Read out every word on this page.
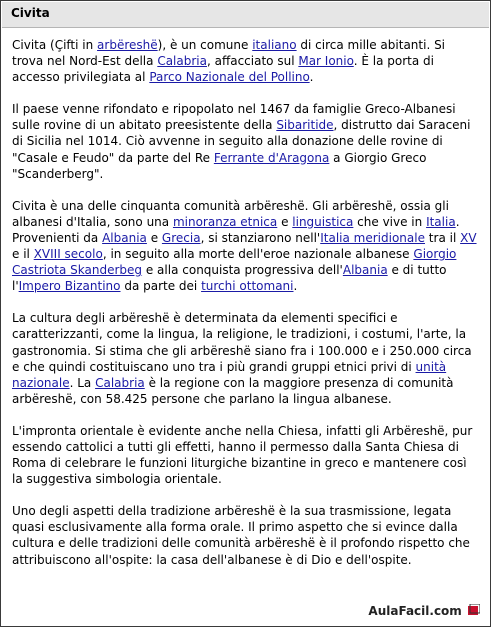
Civita

Civita (Çifti in arbëreshë), è un comune italiano di circa mille abitanti. Si trova nel Nord-Est della Calabria, affacciato sul Mar Ionio. È la porta di accesso privilegiata al Parco Nazionale del Pollino.

Il paese venne rifondato e ripopolato nel 1467 da famiglie Greco-Albanesi sulle rovine di un abitato preesistente della Sibaritide, distrutto dai Saraceni di Sicilia nel 1014. Ciò avvenne in seguito alla donazione delle rovine di "Casale e Feudo" da parte del Re Ferrante d'Aragona a Giorgio Greco "Scanderberg".

Civita è una delle cinquanta comunità arbëreshë. Gli arbëreshë, ossia gli albanesi d'Italia, sono una minoranza etnica e linguistica che vive in Italia. Provenienti da Albania e Grecia, si stanziarono nell'Italia meridionale tra il XV e il XVIII secolo, in seguito alla morte dell'eroe nazionale albanese Giorgio Castriota Skanderbeg e alla conquista progressiva dell'Albania e di tutto l'Impero Bizantino da parte dei turchi ottomani.

La cultura degli arbëreshë è determinata da elementi specifici e caratterizzanti, come la lingua, la religione, le tradizioni, i costumi, l'arte, la gastronomia. Si stima che gli arbëreshë siano fra i 100.000 e i 250.000 circa e che quindi costituiscano uno tra i più grandi gruppi etnici privi di unità nazionale. La Calabria è la regione con la maggiore presenza di comunità arbëreshë, con 58.425 persone che parlano la lingua albanese.

L'impronta orientale è evidente anche nella Chiesa, infatti gli Arbëreshë, pur essendo cattolici a tutti gli effetti, hanno il permesso dalla Santa Chiesa di Roma di celebrare le funzioni liturgiche bizantine in greco e mantenere così la suggestiva simbologia orientale.

Uno degli aspetti della tradizione arbëreshë è la sua trasmissione, legata quasi esclusivamente alla forma orale. Il primo aspetto che si evince dalla cultura e delle tradizioni delle comunità arbëreshë è il profondo rispetto che attribuiscono all'ospite: la casa dell'albanese è di Dio e dell'ospite.

AulaFacil.com
